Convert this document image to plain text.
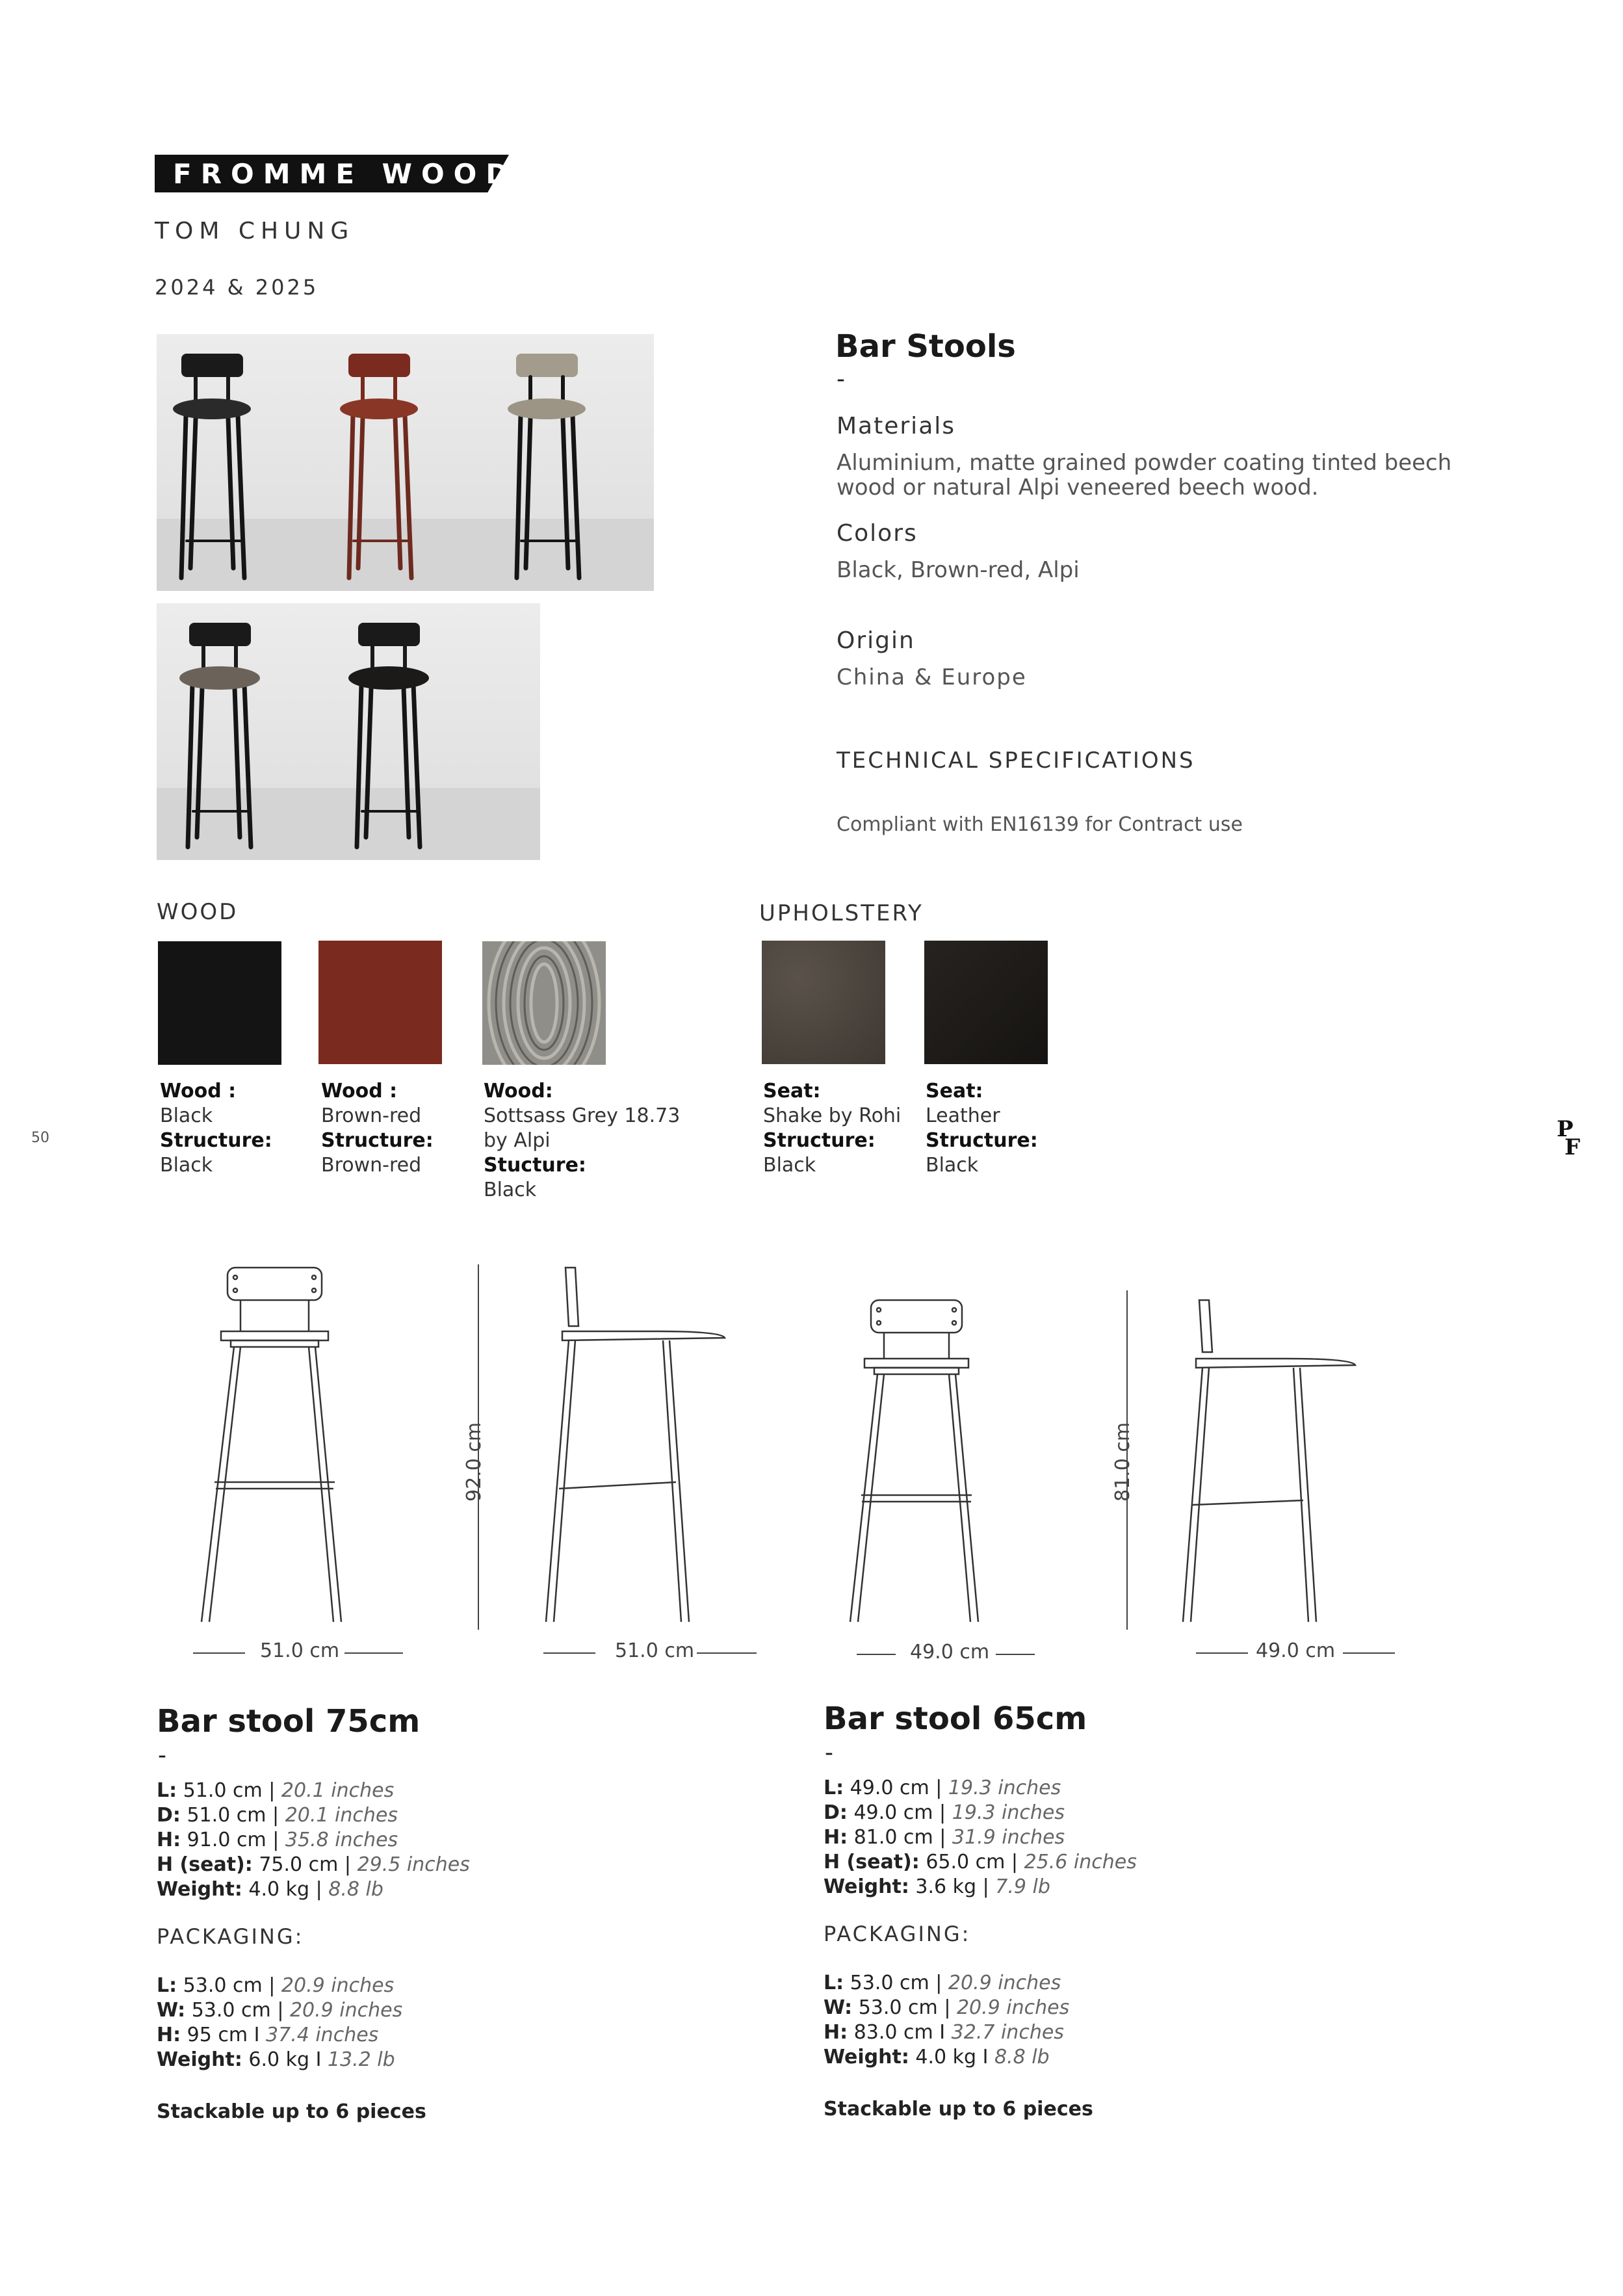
FROMME WOOD
TOM CHUNG
2024 & 2025
Bar Stools
-
Materials
Aluminium, matte grained powder coating tinted beech wood or natural Alpi veneered beech wood.
Colors
Black, Brown-red, Alpi
Origin
China & Europe
TECHNICAL SPECIFICATIONS
Compliant with EN16139 for Contract use
WOOD	UPHOLSTERY
Wood :
Black
Structure:
Black
Wood :
Brown-red
Structure:
Brown-red
Wood:
Sottsass Grey 18.73
by Alpi
Stucture:
Black
Seat:
Shake by Rohi
Structure:
Black
Seat:
Leather
Structure:
Black
50	P
F
92.0 cm	81.0 cm
51.0 cm	51.0 cm	49.0 cm	49.0 cm
Bar stool 75cm
-
L: 51.0 cm | 20.1 inches
D: 51.0 cm | 20.1 inches
H: 91.0 cm | 35.8 inches
H (seat): 75.0 cm | 29.5 inches
Weight: 4.0 kg | 8.8 lb
PACKAGING:
L: 53.0 cm | 20.9 inches
W: 53.0 cm | 20.9 inches
H: 95 cm I 37.4 inches
Weight: 6.0 kg I 13.2 lb
Stackable up to 6 pieces
Bar stool 65cm
-
L: 49.0 cm | 19.3 inches
D: 49.0 cm | 19.3 inches
H: 81.0 cm | 31.9 inches
H (seat): 65.0 cm | 25.6 inches
Weight: 3.6 kg | 7.9 lb
PACKAGING:
L: 53.0 cm | 20.9 inches
W: 53.0 cm | 20.9 inches
H: 83.0 cm I 32.7 inches
Weight: 4.0 kg I 8.8 lb
Stackable up to 6 pieces
